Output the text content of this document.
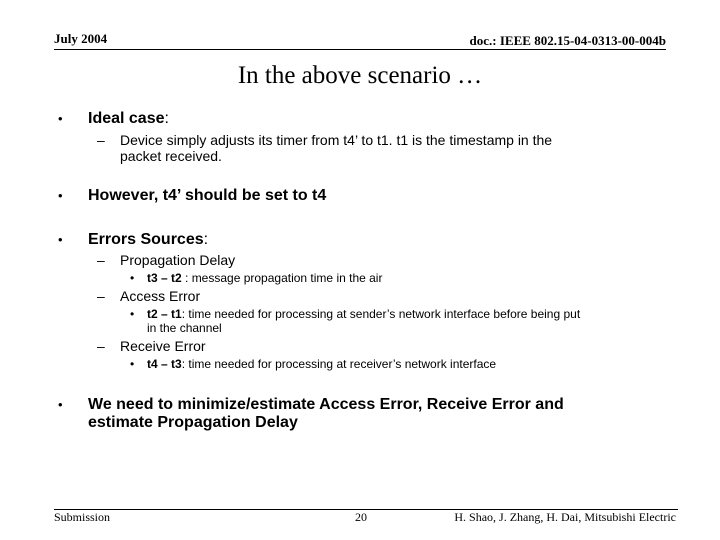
July 2004	doc.: IEEE 802.15-04-0313-00-004b
In the above scenario …
• Ideal case:
– Device simply adjusts its timer from t4’ to t1. t1 is the timestamp in the
packet received.
• However, t4’ should be set to t4
• Errors Sources:
– Propagation Delay
• t3 – t2 : message propagation time in the air
– Access Error
• t2 – t1: time needed for processing at sender’s network interface before being put
in the channel
– Receive Error
• t4 – t3: time needed for processing at receiver’s network interface
• We need to minimize/estimate Access Error, Receive Error and
estimate Propagation Delay
Submission	20	H. Shao, J. Zhang, H. Dai, Mitsubishi Electric
